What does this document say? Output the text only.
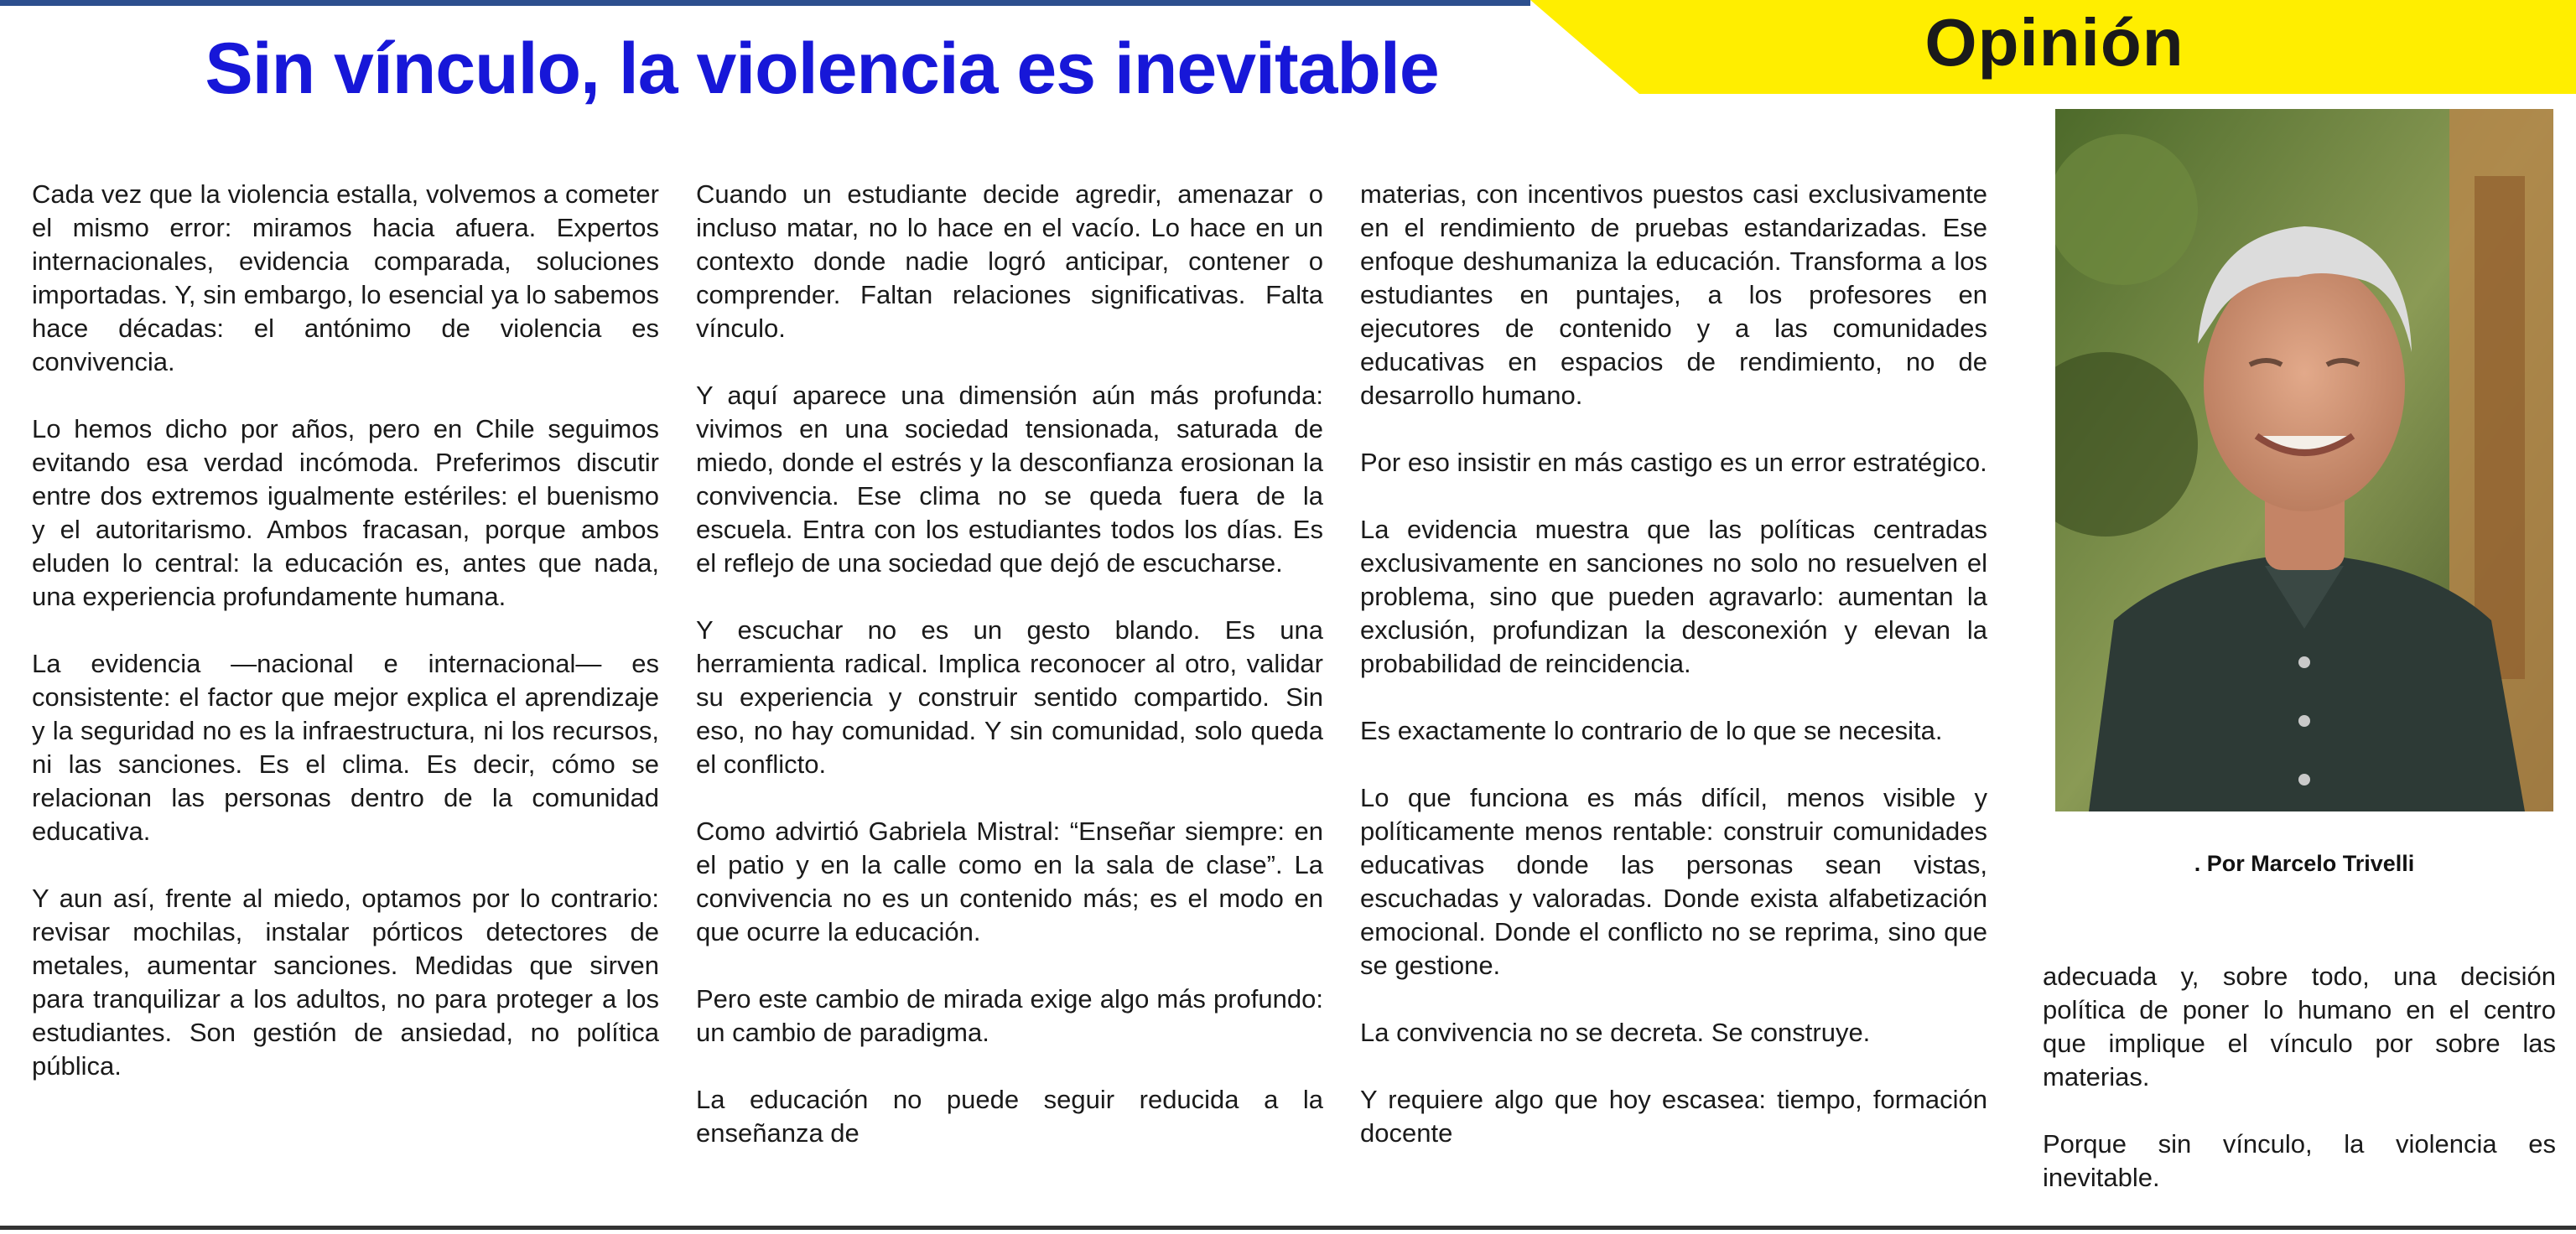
Opinión
Sin vínculo, la violencia es inevitable

Cada vez que la violencia estalla, volvemos a cometer el mismo error: miramos hacia afuera. Expertos internacionales, evidencia comparada, soluciones importadas. Y, sin embargo, lo esencial ya lo sabemos hace décadas: el antónimo de violencia es convivencia.

Lo hemos dicho por años, pero en Chile seguimos evitando esa verdad incómoda. Preferimos discutir entre dos extremos igualmente estériles: el buenismo y el autoritarismo. Ambos fracasan, porque ambos eluden lo central: la educación es, antes que nada, una experiencia profundamente humana.

La evidencia —nacional e internacional— es consistente: el factor que mejor explica el aprendizaje y la seguridad no es la infraestructura, ni los recursos, ni las sanciones. Es el clima. Es decir, cómo se relacionan las personas dentro de la comunidad educativa.

Y aun así, frente al miedo, optamos por lo contrario: revisar mochilas, instalar pórticos detectores de metales, aumentar sanciones. Medidas que sirven para tranquilizar a los adultos, no para proteger a los estudiantes. Son gestión de ansiedad, no política pública.

Cuando un estudiante decide agredir, amenazar o incluso matar, no lo hace en el vacío. Lo hace en un contexto donde nadie logró anticipar, contener o comprender. Faltan relaciones significativas. Falta vínculo.

Y aquí aparece una dimensión aún más profunda: vivimos en una sociedad tensionada, saturada de miedo, donde el estrés y la desconfianza erosionan la convivencia. Ese clima no se queda fuera de la escuela. Entra con los estudiantes todos los días. Es el reflejo de una sociedad que dejó de escucharse.

Y escuchar no es un gesto blando. Es una herramienta radical. Implica reconocer al otro, validar su experiencia y construir sentido compartido. Sin eso, no hay comunidad. Y sin comunidad, solo queda el conflicto.

Como advirtió Gabriela Mistral: “Enseñar siempre: en el patio y en la calle como en la sala de clase”. La convivencia no es un contenido más; es el modo en que ocurre la educación.

Pero este cambio de mirada exige algo más profundo: un cambio de paradigma.

La educación no puede seguir reducida a la enseñanza de

materias, con incentivos puestos casi exclusivamente en el rendimiento de pruebas estandarizadas. Ese enfoque deshumaniza la educación. Transforma a los estudiantes en puntajes, a los profesores en ejecutores de contenido y a las comunidades educativas en espacios de rendimiento, no de desarrollo humano.

Por eso insistir en más castigo es un error estratégico.

La evidencia muestra que las políticas centradas exclusivamente en sanciones no solo no resuelven el problema, sino que pueden agravarlo: aumentan la exclusión, profundizan la desconexión y elevan la probabilidad de reincidencia.

Es exactamente lo contrario de lo que se necesita.

Lo que funciona es más difícil, menos visible y políticamente menos rentable: construir comunidades educativas donde las personas sean vistas, escuchadas y valoradas. Donde exista alfabetización emocional. Donde el conflicto no se reprima, sino que se gestione.

La convivencia no se decreta. Se construye.

Y requiere algo que hoy escasea: tiempo, formación docente

. Por Marcelo Trivelli

adecuada y, sobre todo, una decisión política de poner lo humano en el centro que implique el vínculo por sobre las materias.

Porque sin vínculo, la violencia es inevitable.
